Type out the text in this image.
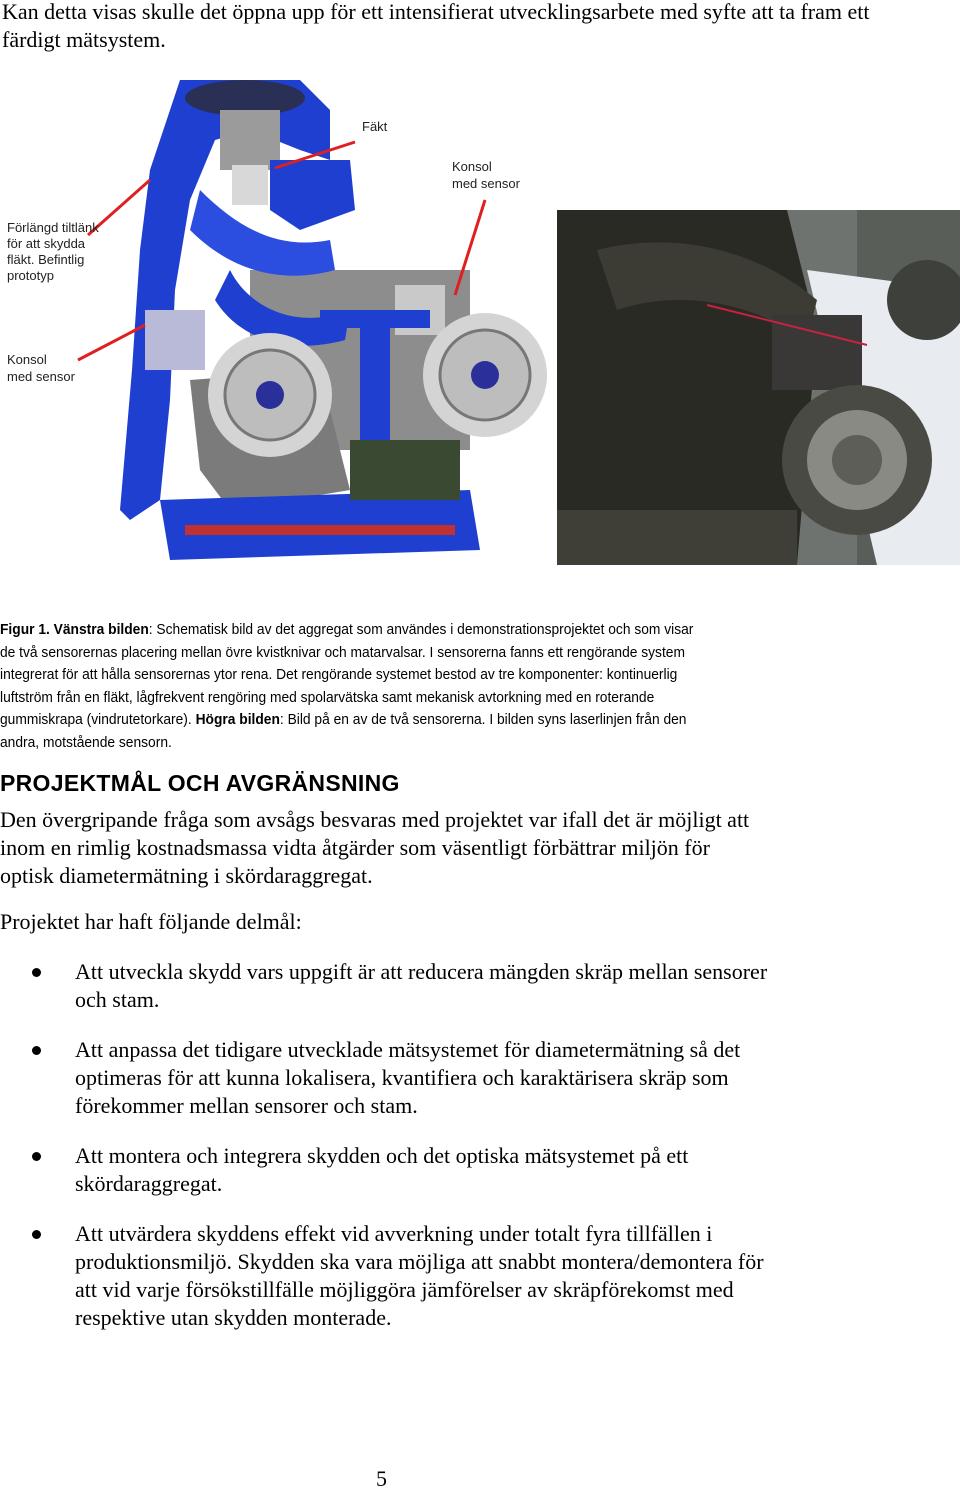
Kan detta visas skulle det öppna upp för ett intensifierat utvecklingsarbete med syfte att ta fram ett färdigt mätsystem.
Fäkt
Konsol
med sensor
Förlängd tiltlänk
för att skydda
fläkt. Befintlig
prototyp
Konsol
med sensor
Figur 1. Vänstra bilden: Schematisk bild av det aggregat som användes i demonstrationsprojektet och som visar de två sensorernas placering mellan övre kvistknivar och matarvalsar. I sensorerna fanns ett rengörande system integrerat för att hålla sensorernas ytor rena. Det rengörande systemet bestod av tre komponenter: kontinuerlig luftström från en fläkt, lågfrekvent rengöring med spolarvätska samt mekanisk avtorkning med en roterande gummiskrapa (vindrutetorkare). Högra bilden: Bild på en av de två sensorerna. I bilden syns laserlinjen från den andra, motstående sensorn.
PROJEKTMÅL OCH AVGRÄNSNING
Den övergripande fråga som avsågs besvaras med projektet var ifall det är möjligt att inom en rimlig kostnadsmassa vidta åtgärder som väsentligt förbättrar miljön för optisk diametermätning i skördaraggregat.
Projektet har haft följande delmål:
Att utveckla skydd vars uppgift är att reducera mängden skräp mellan sensorer och stam.
Att anpassa det tidigare utvecklade mätsystemet för diametermätning så det optimeras för att kunna lokalisera, kvantifiera och karaktärisera skräp som förekommer mellan sensorer och stam.
Att montera och integrera skydden och det optiska mätsystemet på ett skördaraggregat.
Att utvärdera skyddens effekt vid avverkning under totalt fyra tillfällen i produktionsmiljö. Skydden ska vara möjliga att snabbt montera/demontera för att vid varje försökstillfälle möjliggöra jämförelser av skräpförekomst med respektive utan skydden monterade.
5
